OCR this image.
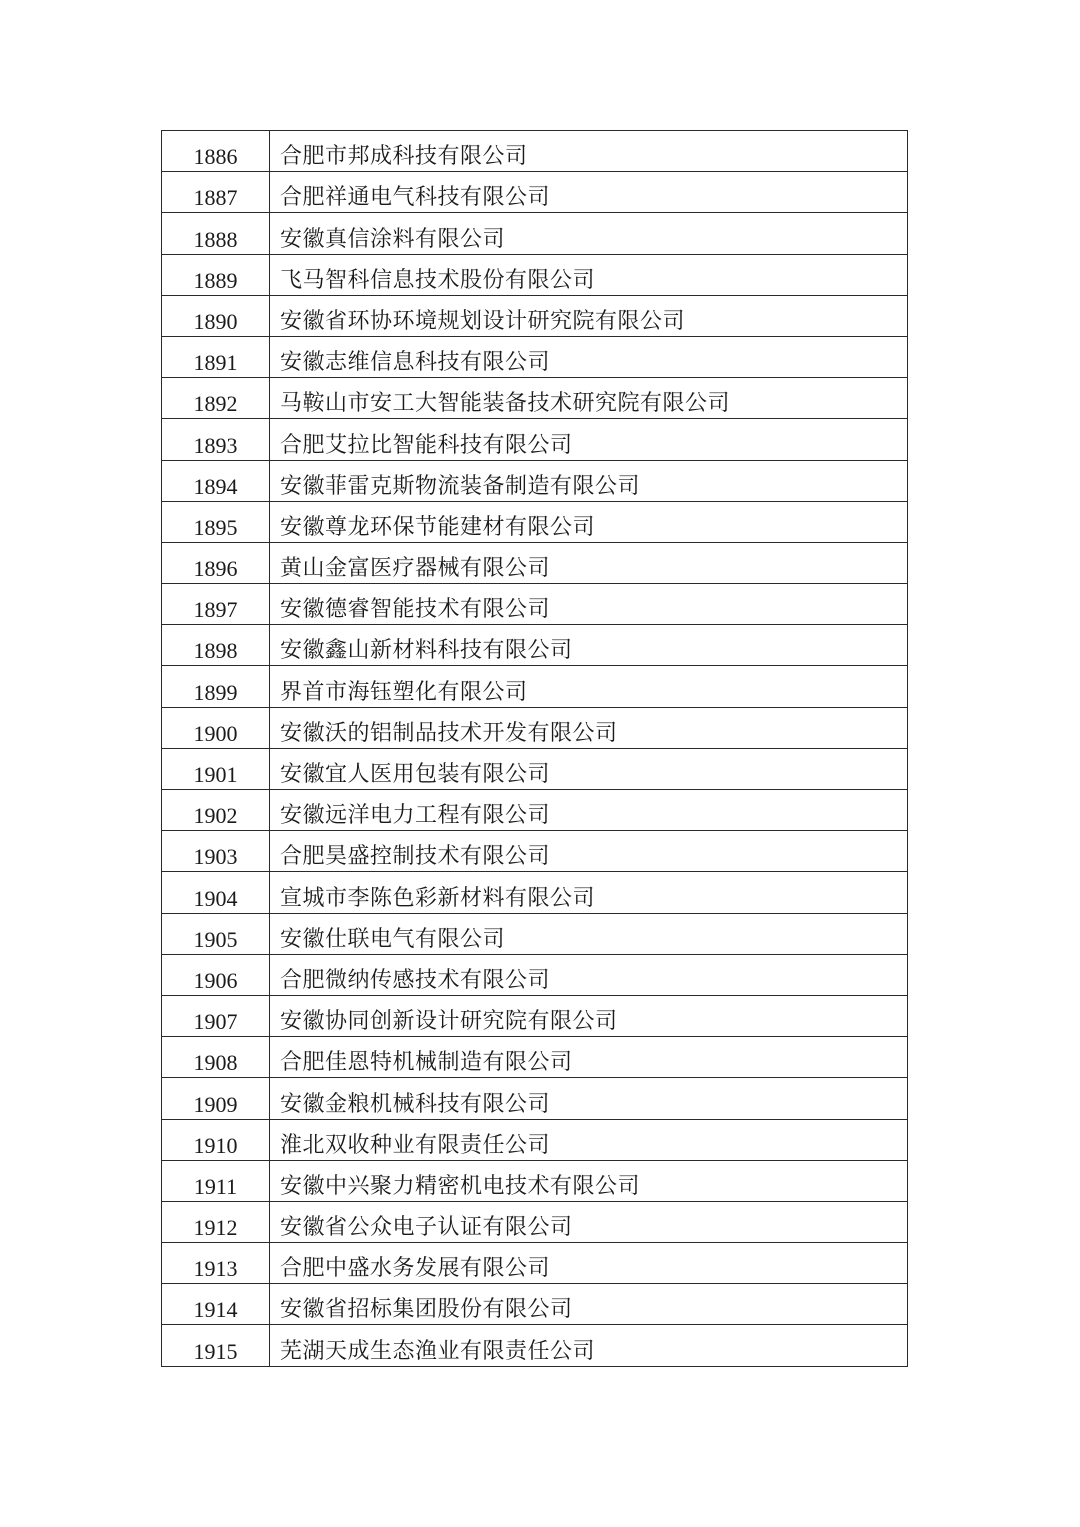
1886	合肥市邦成科技有限公司
1887	合肥祥通电气科技有限公司
1888	安徽真信涂料有限公司
1889	飞马智科信息技术股份有限公司
1890	安徽省环协环境规划设计研究院有限公司
1891	安徽志维信息科技有限公司
1892	马鞍山市安工大智能装备技术研究院有限公司
1893	合肥艾拉比智能科技有限公司
1894	安徽菲雷克斯物流装备制造有限公司
1895	安徽尊龙环保节能建材有限公司
1896	黄山金富医疗器械有限公司
1897	安徽德睿智能技术有限公司
1898	安徽鑫山新材料科技有限公司
1899	界首市海钰塑化有限公司
1900	安徽沃的铝制品技术开发有限公司
1901	安徽宜人医用包装有限公司
1902	安徽远洋电力工程有限公司
1903	合肥昊盛控制技术有限公司
1904	宣城市李陈色彩新材料有限公司
1905	安徽仕联电气有限公司
1906	合肥微纳传感技术有限公司
1907	安徽协同创新设计研究院有限公司
1908	合肥佳恩特机械制造有限公司
1909	安徽金粮机械科技有限公司
1910	淮北双收种业有限责任公司
1911	安徽中兴聚力精密机电技术有限公司
1912	安徽省公众电子认证有限公司
1913	合肥中盛水务发展有限公司
1914	安徽省招标集团股份有限公司
1915	芜湖天成生态渔业有限责任公司
